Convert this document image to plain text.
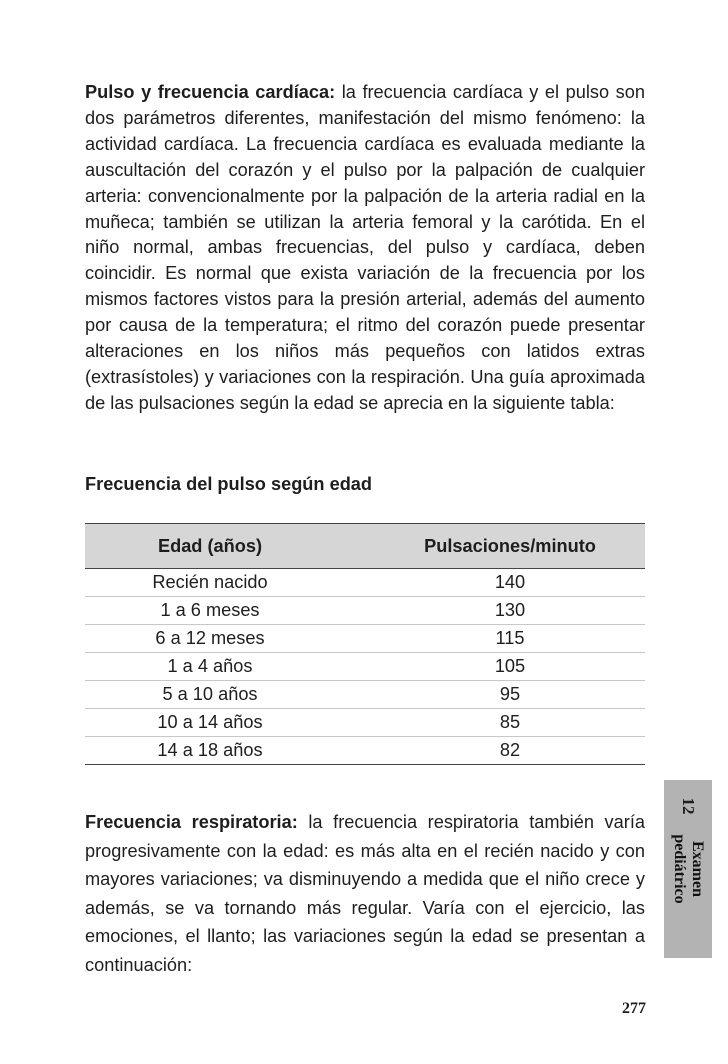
Pulso y frecuencia cardíaca: la frecuencia cardíaca y el pulso son dos parámetros diferentes, manifestación del mismo fenómeno: la actividad cardíaca. La frecuencia cardíaca es evaluada mediante la auscultación del corazón y el pulso por la palpación de cualquier arteria: convencionalmente por la palpación de la arteria radial en la muñeca; también se utilizan la arteria femoral y la carótida. En el niño normal, ambas frecuencias, del pulso y cardíaca, deben coincidir. Es normal que exista variación de la frecuencia por los mismos factores vistos para la presión arterial, además del aumento por causa de la temperatura; el ritmo del corazón puede presentar alteraciones en los niños más pequeños con latidos extras (extrasístoles) y variaciones con la respiración. Una guía aproximada de las pulsaciones según la edad se aprecia en la siguiente tabla:

Frecuencia del pulso según edad

Edad (años)	Pulsaciones/minuto
Recién nacido	140
1 a 6 meses	130
6 a 12 meses	115
1 a 4 años	105
5 a 10 años	95
10 a 14 años	85
14 a 18 años	82

Frecuencia respiratoria: la frecuencia respiratoria también varía progresivamente con la edad: es más alta en el recién nacido y con mayores variaciones; va disminuyendo a medida que el niño crece y además, se va tornando más regular. Varía con el ejercicio, las emociones, el llanto; las variaciones según la edad se presentan a continuación:

Examen
pediátrico
12
277
